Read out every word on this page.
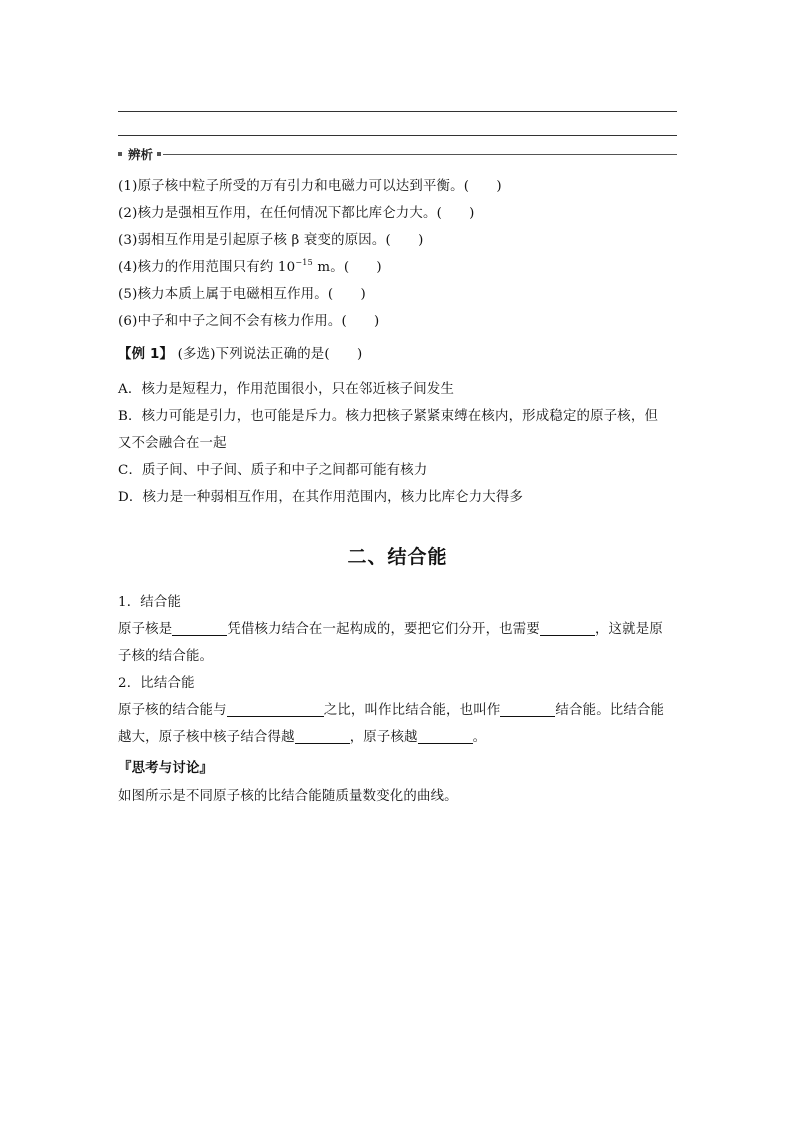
辨析
(1)原子核中粒子所受的万有引力和电磁力可以达到平衡。(　　)
(2)核力是强相互作用，在任何情况下都比库仑力大。(　　)
(3)弱相互作用是引起原子核 β 衰变的原因。(　　)
(4)核力的作用范围只有约 $10^{-15}$ m。(　　)
(5)核力本质上属于电磁相互作用。(　　)
(6)中子和中子之间不会有核力作用。(　　)
【例 1】 (多选)下列说法正确的是(　　)
A．核力是短程力，作用范围很小，只在邻近核子间发生
B．核力可能是引力，也可能是斥力。核力把核子紧紧束缚在核内，形成稳定的原子核，但
又不会融合在一起
C．质子间、中子间、质子和中子之间都可能有核力
D．核力是一种弱相互作用，在其作用范围内，核力比库仑力大得多
二、结合能
1．结合能
原子核是	凭借核力结合在一起构成的，要把它们分开，也需要	，这就是原
子核的结合能。
2．比结合能
原子核的结合能与	之比，叫作比结合能，也叫作	结合能。比结合能
越大，原子核中核子结合得越	，原子核越	。
『思考与讨论』
如图所示是不同原子核的比结合能随质量数变化的曲线。
